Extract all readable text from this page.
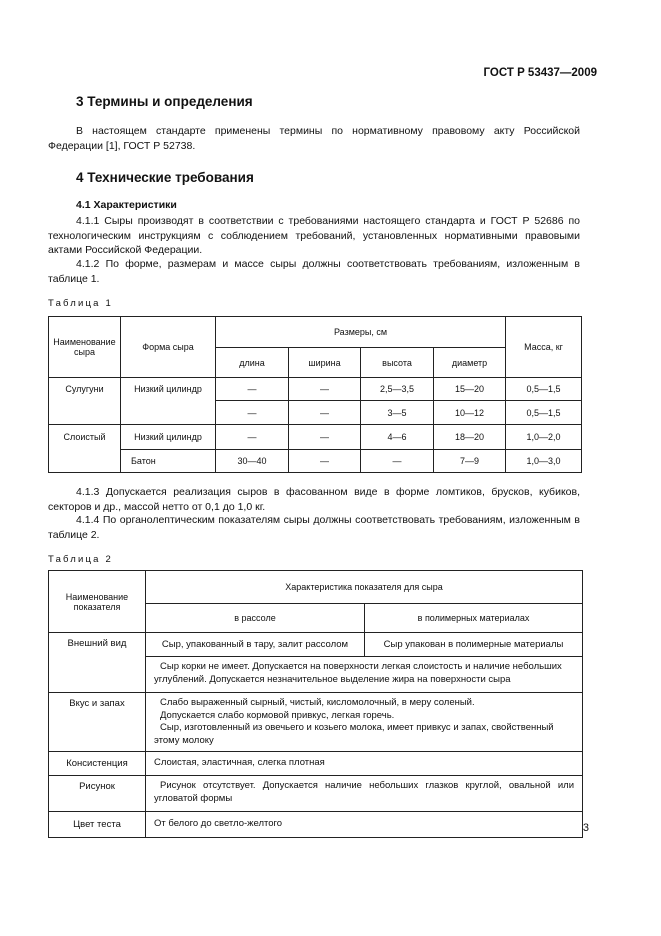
ГОСТ Р 53437—2009
3 Термины и определения
В настоящем стандарте применены термины по нормативному правовому акту Российской Федерации [1], ГОСТ Р 52738.
4 Технические требования
4.1 Характеристики
4.1.1 Сыры производят в соответствии с требованиями настоящего стандарта и ГОСТ Р 52686 по технологическим инструкциям с соблюдением требований, установленных нормативными правовыми актами Российской Федерации.
4.1.2 По форме, размерам и массе сыры должны соответствовать требованиям, изложенным в таблице 1.
Таблица 1
Наименование сыра	Форма сыра	Размеры, см				Масса, кг
		длина	ширина	высота	диаметр	
Сулугуни	Низкий цилиндр	—	—	2,5—3,5	15—20	0,5—1,5
		—	—	3—5	10—12	0,5—1,5
Слоистый	Низкий цилиндр	—	—	4—6	18—20	1,0—2,0
	Батон	30—40	—	—	7—9	1,0—3,0
4.1.3 Допускается реализация сыров в фасованном виде в форме ломтиков, брусков, кубиков, секторов и др., массой нетто от 0,1 до 1,0 кг.
4.1.4 По органолептическим показателям сыры должны соответствовать требованиям, изложенным в таблице 2.
Таблица 2
Наименование показателя	Характеристика показателя для сыра	
	в рассоле	в полимерных материалах
Внешний вид	Сыр, упакованный в тару, залит рассолом	Сыр упакован в полимерные материалы
	Сыр корки не имеет. Допускается на поверхности легкая слоистость и наличие небольших углублений. Допускается незначительное выделение жира на поверхности сыра	
Вкус и запах	Слабо выраженный сырный, чистый, кисломолочный, в меру соленый.
Допускается слабо кормовой привкус, легкая горечь.
Сыр, изготовленный из овечьего и козьего молока, имеет привкус и запах, свойственный этому молоку	

Консистенция	Слоистая, эластичная, слегка плотная	
Рисунок	Рисунок отсутствует. Допускается наличие небольших глазков круглой, овальной или угловатой формы	
Цвет теста	От белого до светло-желтого		3
